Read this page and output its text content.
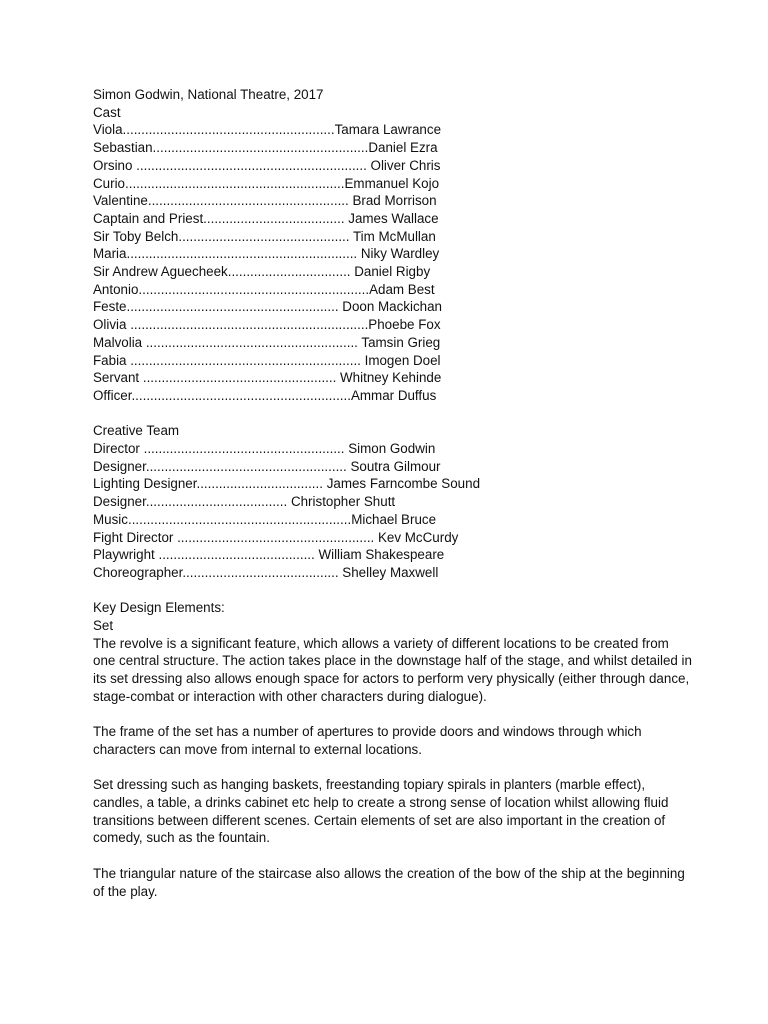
Simon Godwin, National Theatre, 2017

Cast

Viola.........................................................Tamara Lawrance

Sebastian..........................................................Daniel Ezra

Orsino .............................................................. Oliver Chris

Curio...........................................................Emmanuel Kojo

Valentine...................................................... Brad Morrison

Captain and Priest...................................... James Wallace

Sir Toby Belch.............................................. Tim McMullan

Maria.............................................................. Niky Wardley

Sir Andrew Aguecheek................................. Daniel Rigby

Antonio..............................................................Adam Best

Feste......................................................... Doon Mackichan

Olivia ................................................................Phoebe Fox

Malvolia ......................................................... Tamsin Grieg

Fabia .............................................................. Imogen Doel

Servant .................................................... Whitney Kehinde

Officer...........................................................Ammar Duffus

Creative Team

Director ...................................................... Simon Godwin

Designer...................................................... Soutra Gilmour

Lighting Designer.................................. James Farncombe Sound

Designer...................................... Christopher Shutt

Music............................................................Michael Bruce

Fight Director ..................................................... Kev McCurdy

Playwright .......................................... William Shakespeare

Choreographer.......................................... Shelley Maxwell

Key Design Elements:

Set

The revolve is a significant feature, which allows a variety of different locations to be created from one central structure. The action takes place in the downstage half of the stage, and whilst detailed in its set dressing also allows enough space for actors to perform very physically (either through dance, stage-combat or interaction with other characters during dialogue).

The frame of the set has a number of apertures to provide doors and windows through which characters can move from internal to external locations.

Set dressing such as hanging baskets, freestanding topiary spirals in planters (marble effect), candles, a table, a drinks cabinet etc help to create a strong sense of location whilst allowing fluid transitions between different scenes. Certain elements of set are also important in the creation of comedy, such as the fountain.

The triangular nature of the staircase also allows the creation of the bow of the ship at the beginning of the play.
